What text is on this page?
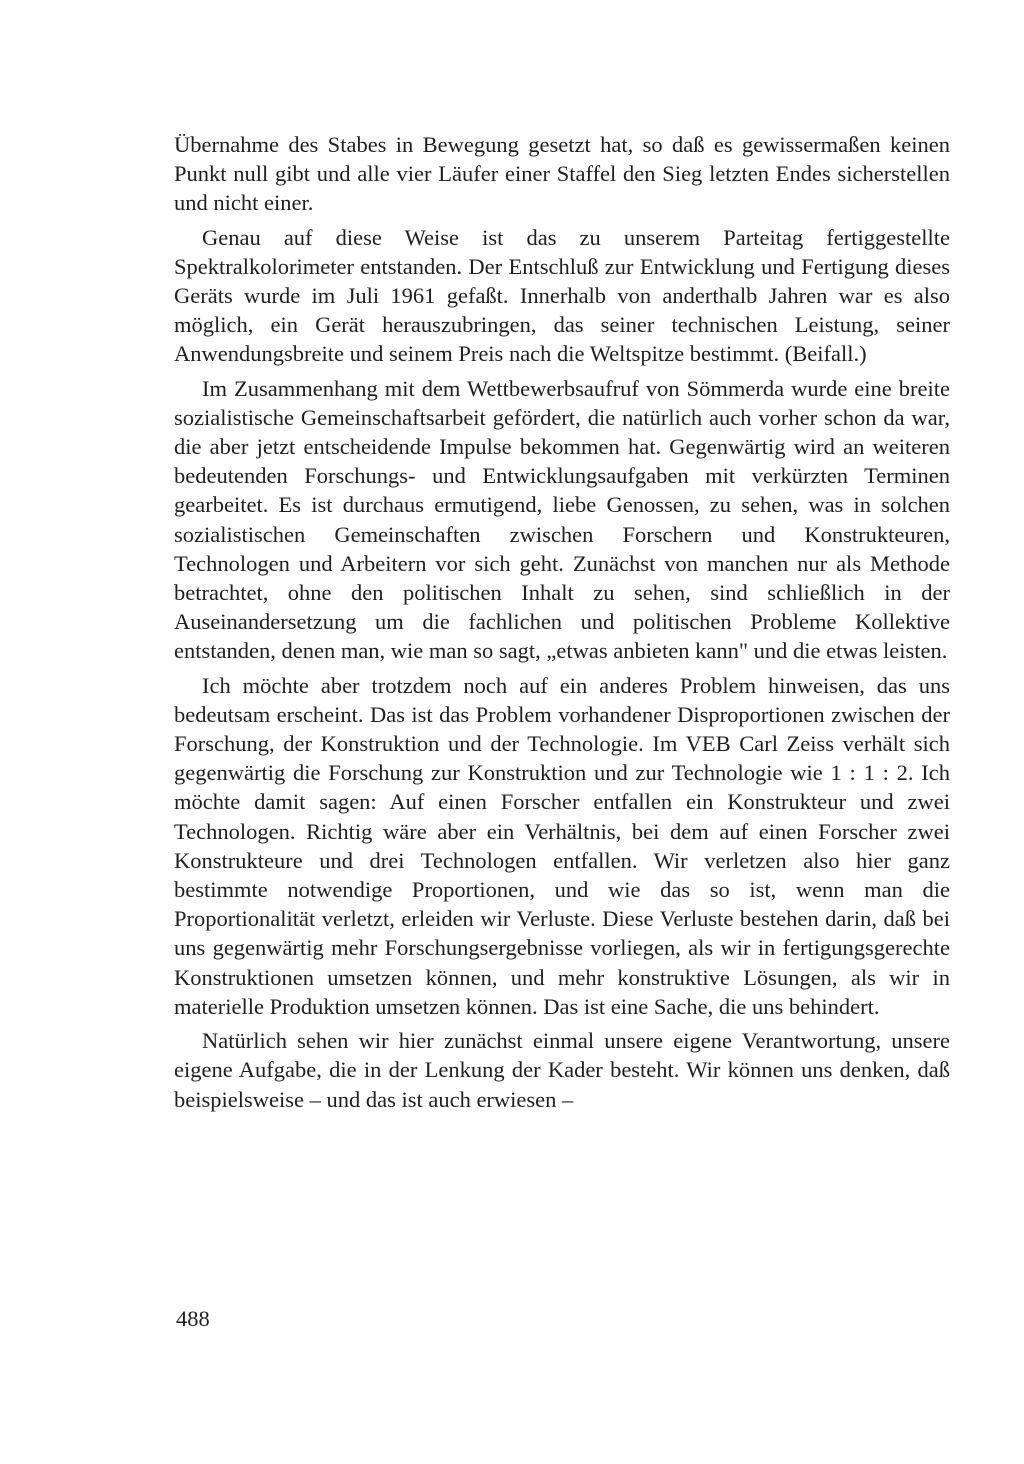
Übernahme des Stabes in Bewegung gesetzt hat, so daß es gewissermaßen keinen Punkt null gibt und alle vier Läufer einer Staffel den Sieg letzten Endes sicherstellen und nicht einer.

Genau auf diese Weise ist das zu unserem Parteitag fertiggestellte Spektralkolorimeter entstanden. Der Entschluß zur Entwicklung und Fertigung dieses Geräts wurde im Juli 1961 gefaßt. Innerhalb von anderthalb Jahren war es also möglich, ein Gerät herauszubringen, das seiner technischen Leistung, seiner Anwendungsbreite und seinem Preis nach die Weltspitze bestimmt. (Beifall.)

Im Zusammenhang mit dem Wettbewerbsaufruf von Sömmerda wurde eine breite sozialistische Gemeinschaftsarbeit gefördert, die natürlich auch vorher schon da war, die aber jetzt entscheidende Impulse bekommen hat. Gegenwärtig wird an weiteren bedeutenden Forschungs- und Entwicklungsaufgaben mit verkürzten Terminen gearbeitet. Es ist durchaus ermutigend, liebe Genossen, zu sehen, was in solchen sozialistischen Gemeinschaften zwischen Forschern und Konstrukteuren, Technologen und Arbeitern vor sich geht. Zunächst von manchen nur als Methode betrachtet, ohne den politischen Inhalt zu sehen, sind schließlich in der Auseinandersetzung um die fachlichen und politischen Probleme Kollektive entstanden, denen man, wie man so sagt, „etwas anbieten kann" und die etwas leisten.

Ich möchte aber trotzdem noch auf ein anderes Problem hinweisen, das uns bedeutsam erscheint. Das ist das Problem vorhandener Disproportionen zwischen der Forschung, der Konstruktion und der Technologie. Im VEB Carl Zeiss verhält sich gegenwärtig die Forschung zur Konstruktion und zur Technologie wie 1 : 1 : 2. Ich möchte damit sagen: Auf einen Forscher entfallen ein Konstrukteur und zwei Technologen. Richtig wäre aber ein Verhältnis, bei dem auf einen Forscher zwei Konstrukteure und drei Technologen entfallen. Wir verletzen also hier ganz bestimmte notwendige Proportionen, und wie das so ist, wenn man die Proportionalität verletzt, erleiden wir Verluste. Diese Verluste bestehen darin, daß bei uns gegenwärtig mehr Forschungsergebnisse vorliegen, als wir in fertigungsgerechte Konstruktionen umsetzen können, und mehr konstruktive Lösungen, als wir in materielle Produktion umsetzen können. Das ist eine Sache, die uns behindert.

Natürlich sehen wir hier zunächst einmal unsere eigene Verantwortung, unsere eigene Aufgabe, die in der Lenkung der Kader besteht. Wir können uns denken, daß beispielsweise – und das ist auch erwiesen –

488
